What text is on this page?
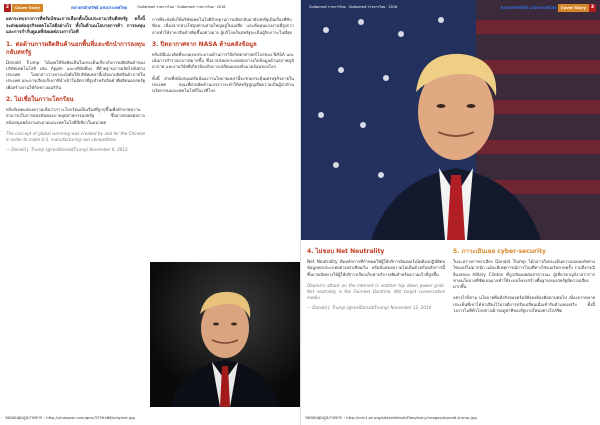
2	Cover Story	ตลาดหลักทรัพย์ แห่งประเทศไทย	Guitarmoll ราชการไทย · Guitarmoll ราชการไทย · 2016
ผลกระทบจากการที่ทรัมป์ชนะการเลือกตั้งเป็นประธานาธิบดีสหรัฐ ครั้งนี้ จะส่งผลต่อธุรกิจเทคโนโลยีอย่างไร ทั้งในด้านนโยบายการค้า การลงทุน และการกำกับดูแลที่ส่งผลต่อวงการไอที
1. ต่อต้านการผลิตสินค้านอกพื้นที่และชักนำการลงทุนกลับสหรัฐ
Donald Trump ได้เคยให้ข้อคิดเห็นในประเด็นเกี่ยวกับการผลิตสินค้าของบริษัทเทคโนโลยี เช่น Apple และบริษัทอื่นๆ ที่ย้ายฐานการผลิตไปยังต่างประเทศ โดยกล่าวว่าเขาจะบังคับให้บริษัทเหล่านี้กลับมาผลิตสินค้าภายในประเทศ และอาจเรียกเก็บภาษีนำเข้าในอัตราที่สูงสำหรับสินค้าที่ผลิตนอกสหรัฐ เพื่อสร้างงานให้กับชาวอเมริกัน
2. ไม่เชื่อในภาวะโลกร้อน
ทรัมป์เคยแสดงความเห็นว่าภาวะโลกร้อนเป็นเรื่องที่ถูกกุขึ้นเพื่อทำลายความสามารถในการแข่งขันของภาคอุตสาหกรรมสหรัฐ ซึ่งอาจส่งผลต่อการสนับสนุนพลังงานสะอาดและเทคโนโลยีสีเขียวในอนาคต
The concept of global warming was created by and for the Chinese in order to make U.S. manufacturing non-competitive.
— Donald J. Trump (@realDonaldTrump) November 6, 2012
การที่จะบังคับให้บริษัทเทคโนโลยีย้ายฐานการผลิตกลับมายังสหรัฐเป็นเรื่องที่ซับซ้อน เนื่องจากห่วงโซ่อุปทานส่วนใหญ่อยู่ในเอเชีย และต้นทุนแรงงานที่สูงกว่าอาจทำให้ราคาสินค้าเพิ่มขึ้นอย่างมาก ผู้บริโภคในสหรัฐจะเป็นผู้รับภาระในที่สุด
3. ปิดอากาศจาก NASA ด้านคลังข้อมูล
ทรัมป์มีแนวคิดที่จะลดงบประมาณด้านการวิจัยวิทยาศาสตร์โลกของ NASA และเน้นการสำรวจอวกาศมากขึ้น ซึ่งอาจส่งผลกระทบต่อการเก็บข้อมูลด้านสภาพภูมิอากาศ และงานวิจัยที่เกี่ยวข้องกับการเปลี่ยนแปลงสิ่งแวดล้อมของโลก
ทั้งนี้ ฝ่ายที่สนับสนุนทรัมป์มองว่านโยบายเหล่านี้จะช่วยกระตุ้นเศรษฐกิจภายในประเทศ ขณะที่ฝ่ายคัดค้านเกรงว่าจะทำให้สหรัฐสูญเสียความเป็นผู้นำด้านนวัตกรรมและเทคโนโลยีในเวทีโลก
ขอขอบคุณรูปภาพจาก : http://shutpost.com/gen/3759466/original.jpg
Guitarmoll ราชการไทย · Guitarmoll ราชการไทย · 2016	ตลาดหลักทรัพย์ แห่งประเทศไทย	Cover Story	3
4. ไม่ชอบ Net Neutrality
Net Neutrality คือหลักการที่กำหนดให้ผู้ให้บริการอินเทอร์เน็ตต้องปฏิบัติต่อข้อมูลทุกประเภทอย่างเท่าเทียมกัน ทรัมป์แสดงความไม่เห็นด้วยกับหลักการนี้ ซึ่งอาจเปิดทางให้ผู้ให้บริการเรียกเก็บค่าบริการเพิ่มสำหรับความเร็วที่สูงขึ้น
Obama's attack on the internet is another top down power grab. Net neutrality is the Fairness Doctrine. Will target conservative media.
— Donald J. Trump (@realDonaldTrump) November 12, 2014
5. ภาวะเมินเฉย cyber-security
ในระหว่างการหาเสียง Donald Trump ได้กล่าวถึงประเด็นความปลอดภัยทางไซเบอร์ไม่มากนัก แม้จะมีเหตุการณ์การโจมตีทางไซเบอร์หลายครั้ง รวมถึงกรณีอีเมลของ Hillary Clinton ที่ถูกเปิดเผยต่อสาธารณะ ผู้เชี่ยวชาญกังวลว่าการขาดนโยบายที่ชัดเจนอาจทำให้ระบบโครงสร้างพื้นฐานของสหรัฐมีความเสี่ยงมากขึ้น
อย่างไรก็ตาม นโยบายที่แท้จริงของทรัมป์ยังคงต้องติดตามต่อไป เนื่องจากหลายประเด็นที่เขาได้หาเสียงไว้อาจมีการปรับเปลี่ยนเมื่อเข้ารับตำแหน่งจริง ทั้งนี้วงการไอทีทั่วโลกต่างเฝ้ารอดูท่าทีของรัฐบาลใหม่อย่างใกล้ชิด
ขอขอบคุณรูปภาพจาก : http://cdn1.pt.org/sites/default/files/story/images/donald-trump.jpg
